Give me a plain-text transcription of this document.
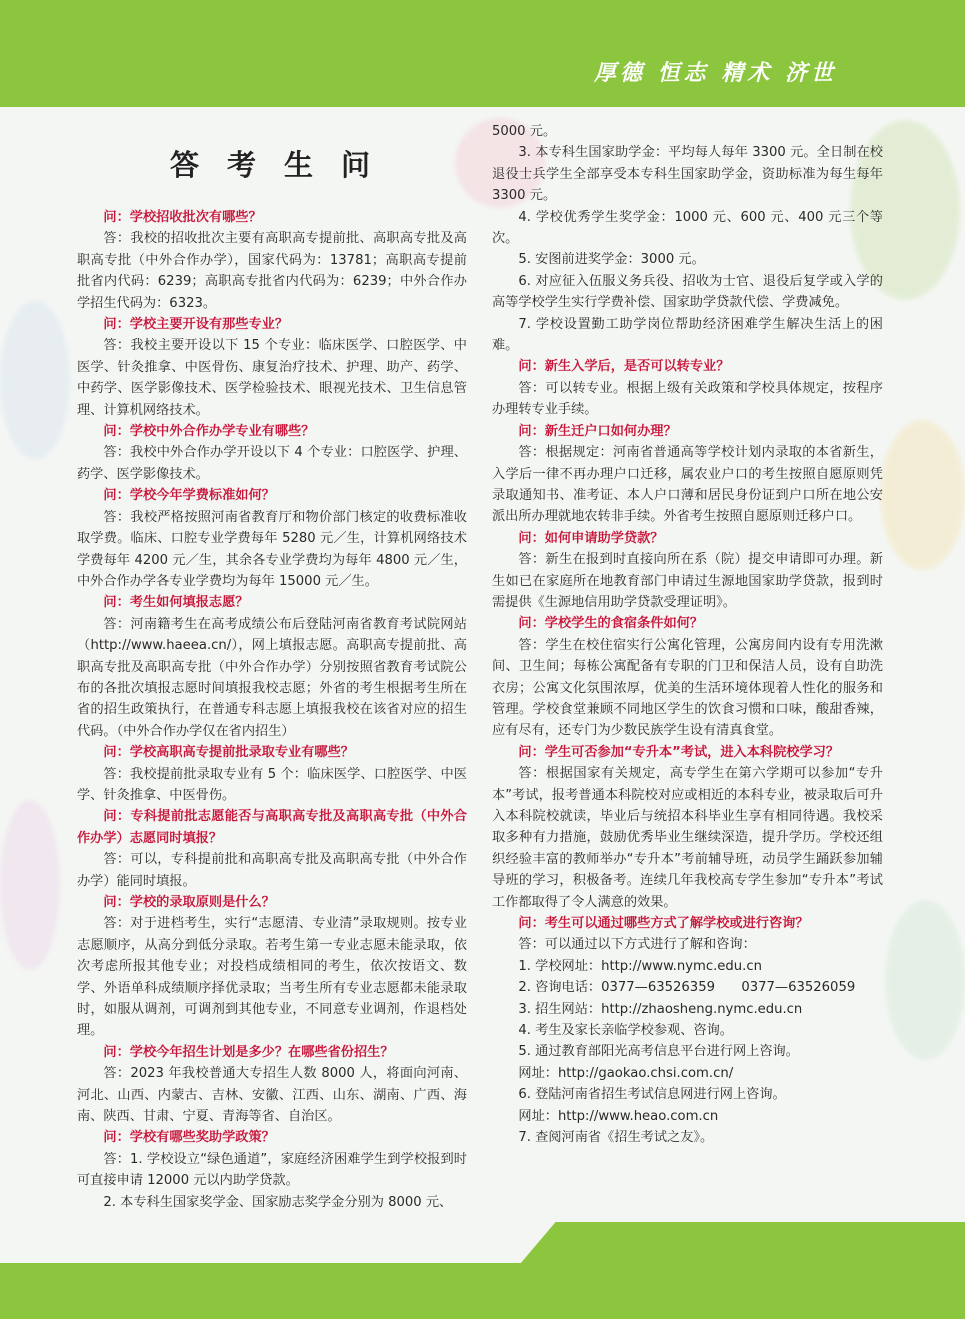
厚德 恒志 精术 济世
答考生问

问：学校招收批次有哪些？

答：我校的招收批次主要有高职高专提前批、高职高专批及高职高专批（中外合作办学），国家代码为：13781；高职高专提前批省内代码：6239；高职高专批省内代码为：6239；中外合作办学招生代码为：6323。

问：学校主要开设有那些专业？

答：我校主要开设以下 15 个专业：临床医学、口腔医学、中医学、针灸推拿、中医骨伤、康复治疗技术、护理、助产、药学、中药学、医学影像技术、医学检验技术、眼视光技术、卫生信息管理、计算机网络技术。

问：学校中外合作办学专业有哪些？

答：我校中外合作办学开设以下 4 个专业：口腔医学、护理、药学、医学影像技术。

问：学校今年学费标准如何？

答：我校严格按照河南省教育厅和物价部门核定的收费标准收取学费。临床、口腔专业学费每年 5280 元／生，计算机网络技术学费每年 4200 元／生，其余各专业学费均为每年 4800 元／生，中外合作办学各专业学费均为每年 15000 元／生。

问：考生如何填报志愿？

答：河南籍考生在高考成绩公布后登陆河南省教育考试院网站（http://www.haeea.cn/），网上填报志愿。高职高专提前批、高职高专批及高职高专批（中外合作办学）分别按照省教育考试院公布的各批次填报志愿时间填报我校志愿；外省的考生根据考生所在省的招生政策执行，在普通专科志愿上填报我校在该省对应的招生代码。（中外合作办学仅在省内招生）

问：学校高职高专提前批录取专业有哪些？

答：我校提前批录取专业有 5 个：临床医学、口腔医学、中医学、针灸推拿、中医骨伤。

问：专科提前批志愿能否与高职高专批及高职高专批（中外合作办学）志愿同时填报？

答：可以，专科提前批和高职高专批及高职高专批（中外合作办学）能同时填报。

问：学校的录取原则是什么？

答：对于进档考生，实行“志愿清、专业清”录取规则。按专业志愿顺序，从高分到低分录取。若考生第一专业志愿未能录取，依次考虑所报其他专业；对投档成绩相同的考生，依次按语文、数学、外语单科成绩顺序择优录取；当考生所有专业志愿都未能录取时，如服从调剂，可调剂到其他专业，不同意专业调剂，作退档处理。

问：学校今年招生计划是多少？在哪些省份招生？

答：2023 年我校普通大专招生人数 8000 人，将面向河南、河北、山西、内蒙古、吉林、安徽、江西、山东、湖南、广西、海南、陕西、甘肃、宁夏、青海等省、自治区。

问：学校有哪些奖助学政策？

答：1. 学校设立“绿色通道”，家庭经济困难学生到学校报到时可直接申请 12000 元以内助学贷款。

2. 本专科生国家奖学金、国家励志奖学金分别为 8000 元、

5000 元。

3. 本专科生国家助学金：平均每人每年 3300 元。全日制在校退役士兵学生全部享受本专科生国家助学金，资助标准为每生每年 3300 元。

4. 学校优秀学生奖学金：1000 元、600 元、400 元三个等次。

5. 安图前进奖学金：3000 元。

6. 对应征入伍服义务兵役、招收为士官、退役后复学或入学的高等学校学生实行学费补偿、国家助学贷款代偿、学费减免。

7. 学校设置勤工助学岗位帮助经济困难学生解决生活上的困难。

问：新生入学后，是否可以转专业？

答：可以转专业。根据上级有关政策和学校具体规定，按程序办理转专业手续。

问：新生迁户口如何办理？

答：根据规定：河南省普通高等学校计划内录取的本省新生，入学后一律不再办理户口迁移，属农业户口的考生按照自愿原则凭录取通知书、准考证、本人户口薄和居民身份证到户口所在地公安派出所办理就地农转非手续。外省考生按照自愿原则迁移户口。

问：如何申请助学贷款？

答：新生在报到时直接向所在系（院）提交申请即可办理。新生如已在家庭所在地教育部门申请过生源地国家助学贷款，报到时需提供《生源地信用助学贷款受理证明》。

问：学校学生的食宿条件如何？

答：学生在校住宿实行公寓化管理，公寓房间内设有专用洗漱间、卫生间；每栋公寓配备有专职的门卫和保洁人员，设有自助洗衣房；公寓文化氛围浓厚，优美的生活环境体现着人性化的服务和管理。学校食堂兼顾不同地区学生的饮食习惯和口味，酸甜香辣，应有尽有，还专门为少数民族学生设有清真食堂。

问：学生可否参加“专升本”考试，进入本科院校学习？

答：根据国家有关规定，高专学生在第六学期可以参加“专升本”考试，报考普通本科院校对应或相近的本科专业，被录取后可升入本科院校就读，毕业后与统招本科毕业生享有相同待遇。我校采取多种有力措施，鼓励优秀毕业生继续深造，提升学历。学校还组织经验丰富的教师举办“专升本”考前辅导班，动员学生踊跃参加辅导班的学习，积极备考。连续几年我校高专学生参加“专升本”考试工作都取得了令人满意的效果。

问：考生可以通过哪些方式了解学校或进行咨询？

答：可以通过以下方式进行了解和咨询：

1. 学校网址：http://www.nymc.edu.cn

2. 咨询电话：0377—63526359　　0377—63526059

3. 招生网站：http://zhaosheng.nymc.edu.cn

4. 考生及家长亲临学校参观、咨询。

5. 通过教育部阳光高考信息平台进行网上咨询。

网址：http://gaokao.chsi.com.cn/

6. 登陆河南省招生考试信息网进行网上咨询。

网址：http://www.heao.com.cn

7. 查阅河南省《招生考试之友》。
